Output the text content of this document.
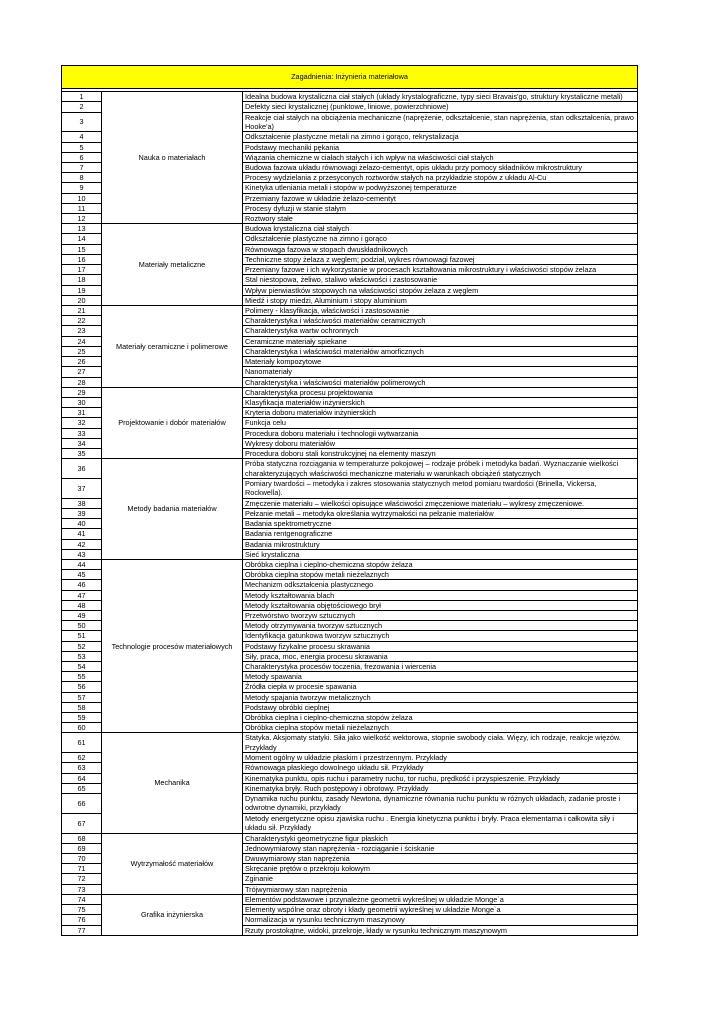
Zagadnienia: Inżynieria materiałowa		

1	Nauka o materiałach	Idealna budowa krystaliczna ciał stałych (układy krystalograficzne, typy sieci Bravais'go, struktury krystaliczne metali)
2		Defekty sieci krystalicznej (punktowe, liniowe, powierzchniowe)
3		Reakcje ciał stałych na obciążenia mechaniczne (naprężenie, odkształcenie, stan naprężenia, stan odkształcenia, prawo Hooke'a)
4		Odkształcenie plastyczne metali na zimno i gorąco, rekrystalizacja
5		Podstawy mechaniki pękania
6		Wiązania chemiczne w ciałach stałych i ich wpływ na właściwości ciał stałych
7		Budowa fazowa układu równowagi żelazo-cementyt, opis układu przy pomocy składników mikrostruktury
8		Procesy wydzielania z przesyconych roztworów stałych na przykładzie stopów z układu Al-Cu
9		Kinetyka utleniania metali i stopów w podwyższonej temperaturze
10		Przemiany fazowe w układzie żelazo-cementyt
11		Procesy dyfuzji w stanie stałym
12		Roztwory stałe
13	Materiały metaliczne	Budowa krystaliczna ciał stałych
14		Odkształcenie plastyczne na zimno i gorąco
15		Równowaga fazowa w stopach dwuskładnikowych
16		Techniczne stopy żelaza z węglem; podział, wykres równowagi fazowej
17		Przemiany fazowe i ich wykorzystanie w procesach kształtowania mikrostruktury i właściwości stopów żelaza
18		Stal niestopowa, żeliwo, staliwo właściwości i zastosowanie
19		Wpływ pierwiastków stopowych na właściwości stopów żelaza z węglem
20		Miedź i stopy miedzi, Aluminium i stopy aluminium
21	Materiały ceramiczne i polimerowe	Polimery - klasyfikacja, właściwości i zastosowanie
22		Charakterystyka i właściwości materiałów ceramicznych
23		Charakterystyka wartw ochronnych
24		Ceramiczne materiały spiekane
25		Charakterystyka i właściwości materiałów amorficznych
26		Materiały kompozytowe
27		Nanomateriały
28		Charakterystyka i właściwości materiałów polimerowych
29	Projektowanie i dobór materiałów	Charakterystyka procesu projektowania
30		Klasyfikacja materiałów inżynierskich
31		Kryteria doboru materiałów inżynierskich
32		Funkcja celu
33		Procedura doboru materiału i technologii wytwarzania
34		Wykresy doboru materiałów
35		Procedura doboru stali konstrukcyjnej na elementy maszyn
36	Metody badania materiałów	Próba statyczna rozciągania w temperaturze pokojowej – rodzaje próbek i metodyka badań. Wyznaczanie wielkości charakteryzujących właściwości mechaniczne materiału w warunkach obciążeń statycznych
37		Pomiary twardości – metodyka i zakres stosowania statycznych metod pomiaru twardości (Brinella, Vickersa, Rockwella).
38		Zmęczenie materiału – wielkości opisujące właściwości zmęczeniowe materiału – wykresy zmęczeniowe.
39		Pełzanie metali – metodyka określania wytrzymałości na pełzanie materiałów
40		Badania spektrometryczne
41		Badania rentgenograficzne
42		Badania mikrostruktury
43		Sieć krystaliczna
44	Technologie procesów materiałowych	Obróbka cieplna i cieplno-chemiczna stopów żelaza
45		Obróbka cieplna stopów metali nieżelaznych
46		Mechanizm odkształcenia plastycznego
47		Metody kształtowania blach
48		Metody kształtowania objętościowego brył
49		Przetwórstwo tworzyw sztucznych
50		Metody otrzymywania tworzyw sztucznych
51		Identyfikacja gatunkowa tworzyw sztucznych
52		Podstawy fizykalne procesu skrawania
53		Siły, praca, moc, energia procesu skrawania
54		Charakterystyka procesów toczenia, frezowania i wiercenia
55		Metody spawania
56		Źródła ciepła w procesie spawania
57		Metody spajania tworzyw metalicznych
58		Podstawy obróbki cieplnej
59		Obróbka cieplna i cieplno-chemiczna stopów żelaza
60		Obróbka cieplna stopów metali nieżelaznych
61	Mechanika	Statyka. Aksjomaty statyki. Siła jako wielkość wektorowa, stopnie swobody ciała. Więzy, ich rodzaje, reakcje więzów. Przykłady
62		Moment ogólny w układzie płaskim i przestrzennym. Przykłady
63		Równowaga płaskiego dowolnego układu sił. Przykłady
64		Kinematyka punktu, opis ruchu i parametry ruchu, tor ruchu, prędkość i przyspieszenie. Przykłady
65		Kinematyka bryły. Ruch postępowy i obrotowy. Przykłady
66		Dynamika ruchu punktu, zasady Newtona, dynamiczne równania ruchu punktu w różnych układach, zadanie proste i odwrotne dynamiki, przykłady
67		Metody energetyczne opisu zjawiska ruchu . Energia kinetyczna punktu i bryły. Praca elementarna i całkowita siły i układu sił. Przykłady
68	Wytrzymałość materiałów	Charakterystyki geometryczne figur płaskich
69		Jednowymiarowy stan naprężenia - rozciąganie i ściskanie
70		Dwuwymiarowy stan naprężenia
71		Skręcanie prętów o przekroju kołowym
72		Zginanie
73		Trójwymiarowy stan naprężenia
74	Grafika inżynierska	Elementów podstawowe i przynależne geometrii wykreślnej w układzie Monge`a
75		Elementy wspólne oraz obroty i kłady geometrii wykreślnej w układzie Monge`a
76		Normalizacja w rysunku technicznym maszynowy
77		Rzuty prostokątne, widoki, przekroje, kłady w rysunku technicznym maszynowym
